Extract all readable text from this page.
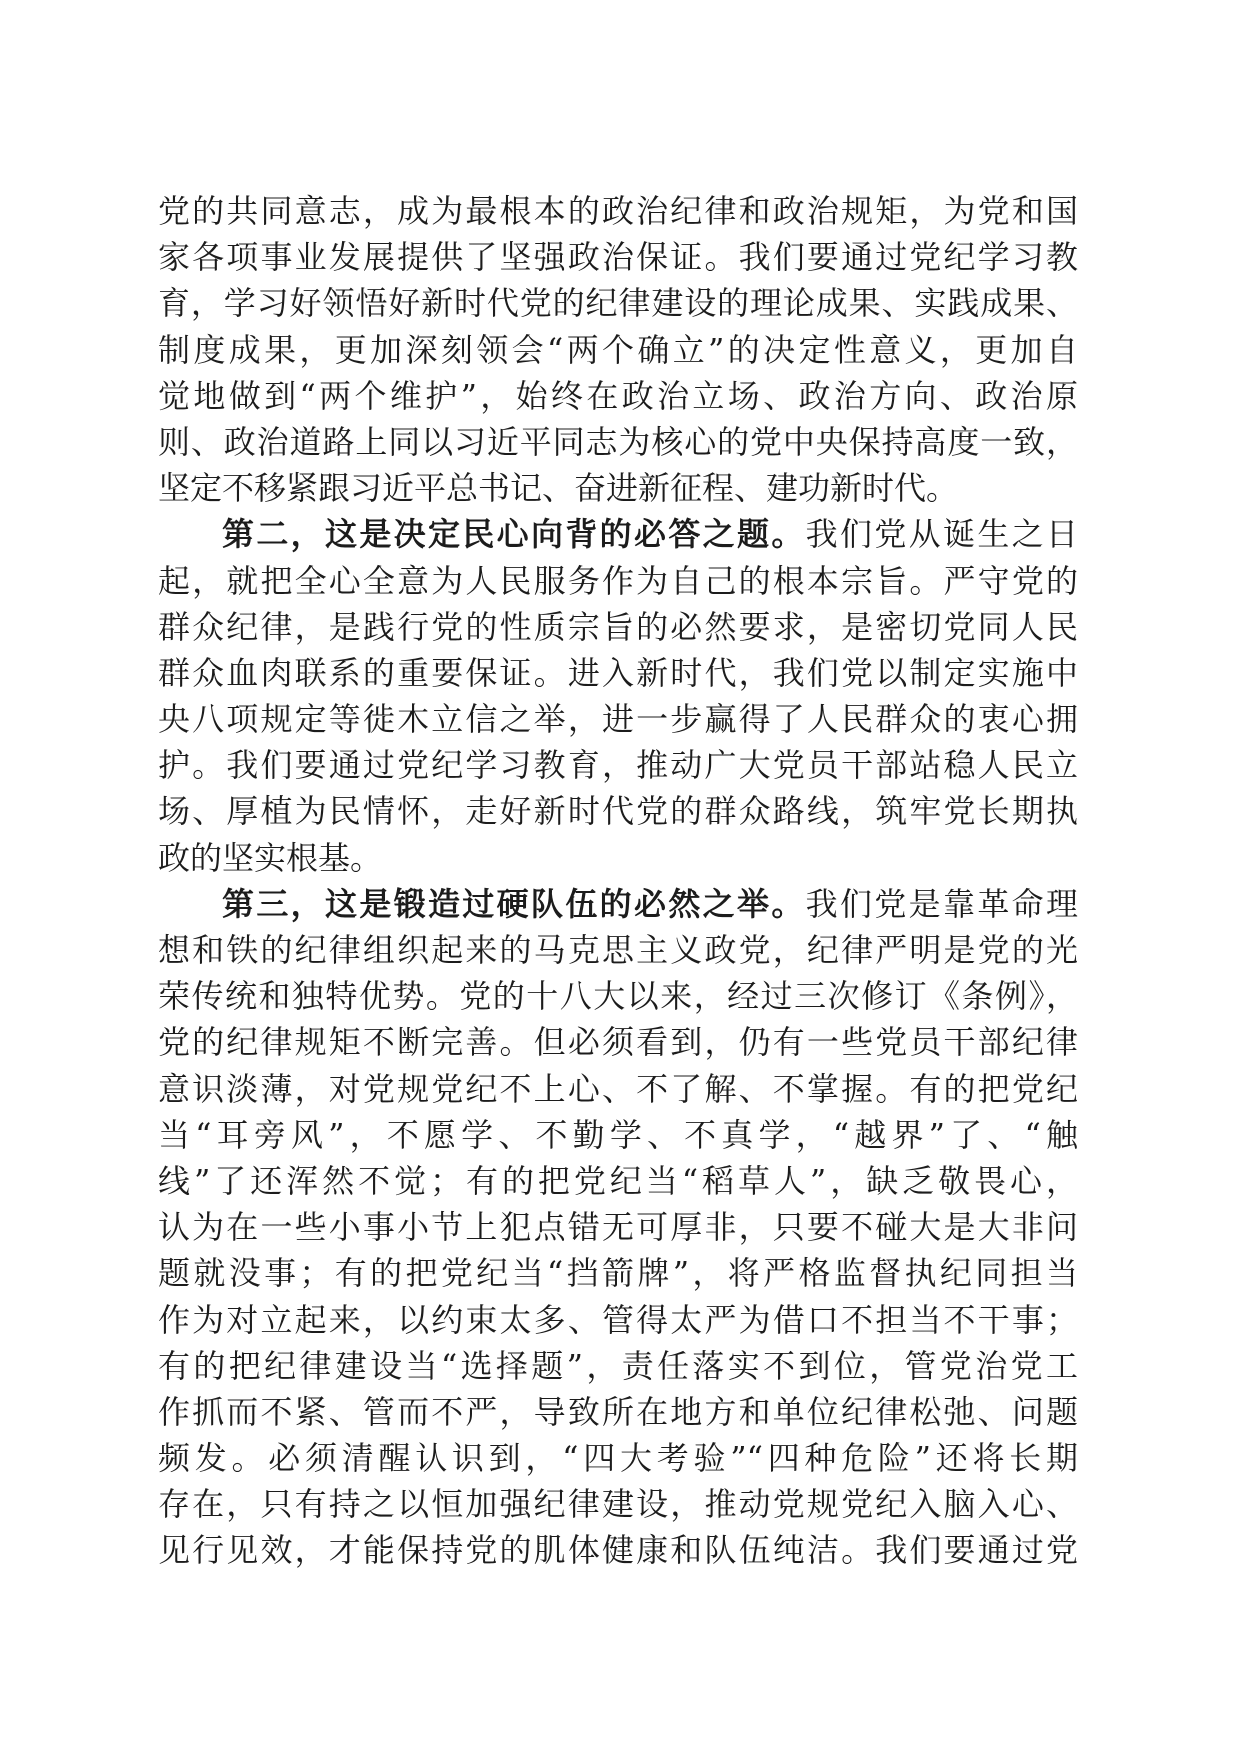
党的共同意志，成为最根本的政治纪律和政治规矩，为党和国
家各项事业发展提供了坚强政治保证。我们要通过党纪学习教
育，学习好领悟好新时代党的纪律建设的理论成果、实践成果、
制度成果，更加深刻领会“两个确立”的决定性意义，更加自
觉地做到“两个维护”，始终在政治立场、政治方向、政治原
则、政治道路上同以习近平同志为核心的党中央保持高度一致，
坚定不移紧跟习近平总书记、奋进新征程、建功新时代。
第二，这是决定民心向背的必答之题。我们党从诞生之日
起，就把全心全意为人民服务作为自己的根本宗旨。严守党的
群众纪律，是践行党的性质宗旨的必然要求，是密切党同人民
群众血肉联系的重要保证。进入新时代，我们党以制定实施中
央八项规定等徙木立信之举，进一步赢得了人民群众的衷心拥
护。我们要通过党纪学习教育，推动广大党员干部站稳人民立
场、厚植为民情怀，走好新时代党的群众路线，筑牢党长期执
政的坚实根基。
第三，这是锻造过硬队伍的必然之举。我们党是靠革命理
想和铁的纪律组织起来的马克思主义政党，纪律严明是党的光
荣传统和独特优势。党的十八大以来，经过三次修订《条例》，
党的纪律规矩不断完善。但必须看到，仍有一些党员干部纪律
意识淡薄，对党规党纪不上心、不了解、不掌握。有的把党纪
当“耳旁风”，不愿学、不勤学、不真学，“越界”了、“触
线”了还浑然不觉；有的把党纪当“稻草人”，缺乏敬畏心，
认为在一些小事小节上犯点错无可厚非，只要不碰大是大非问
题就没事；有的把党纪当“挡箭牌”，将严格监督执纪同担当
作为对立起来，以约束太多、管得太严为借口不担当不干事；
有的把纪律建设当“选择题”，责任落实不到位，管党治党工
作抓而不紧、管而不严，导致所在地方和单位纪律松弛、问题
频发。必须清醒认识到，“四大考验”“四种危险”还将长期
存在，只有持之以恒加强纪律建设，推动党规党纪入脑入心、
见行见效，才能保持党的肌体健康和队伍纯洁。我们要通过党
